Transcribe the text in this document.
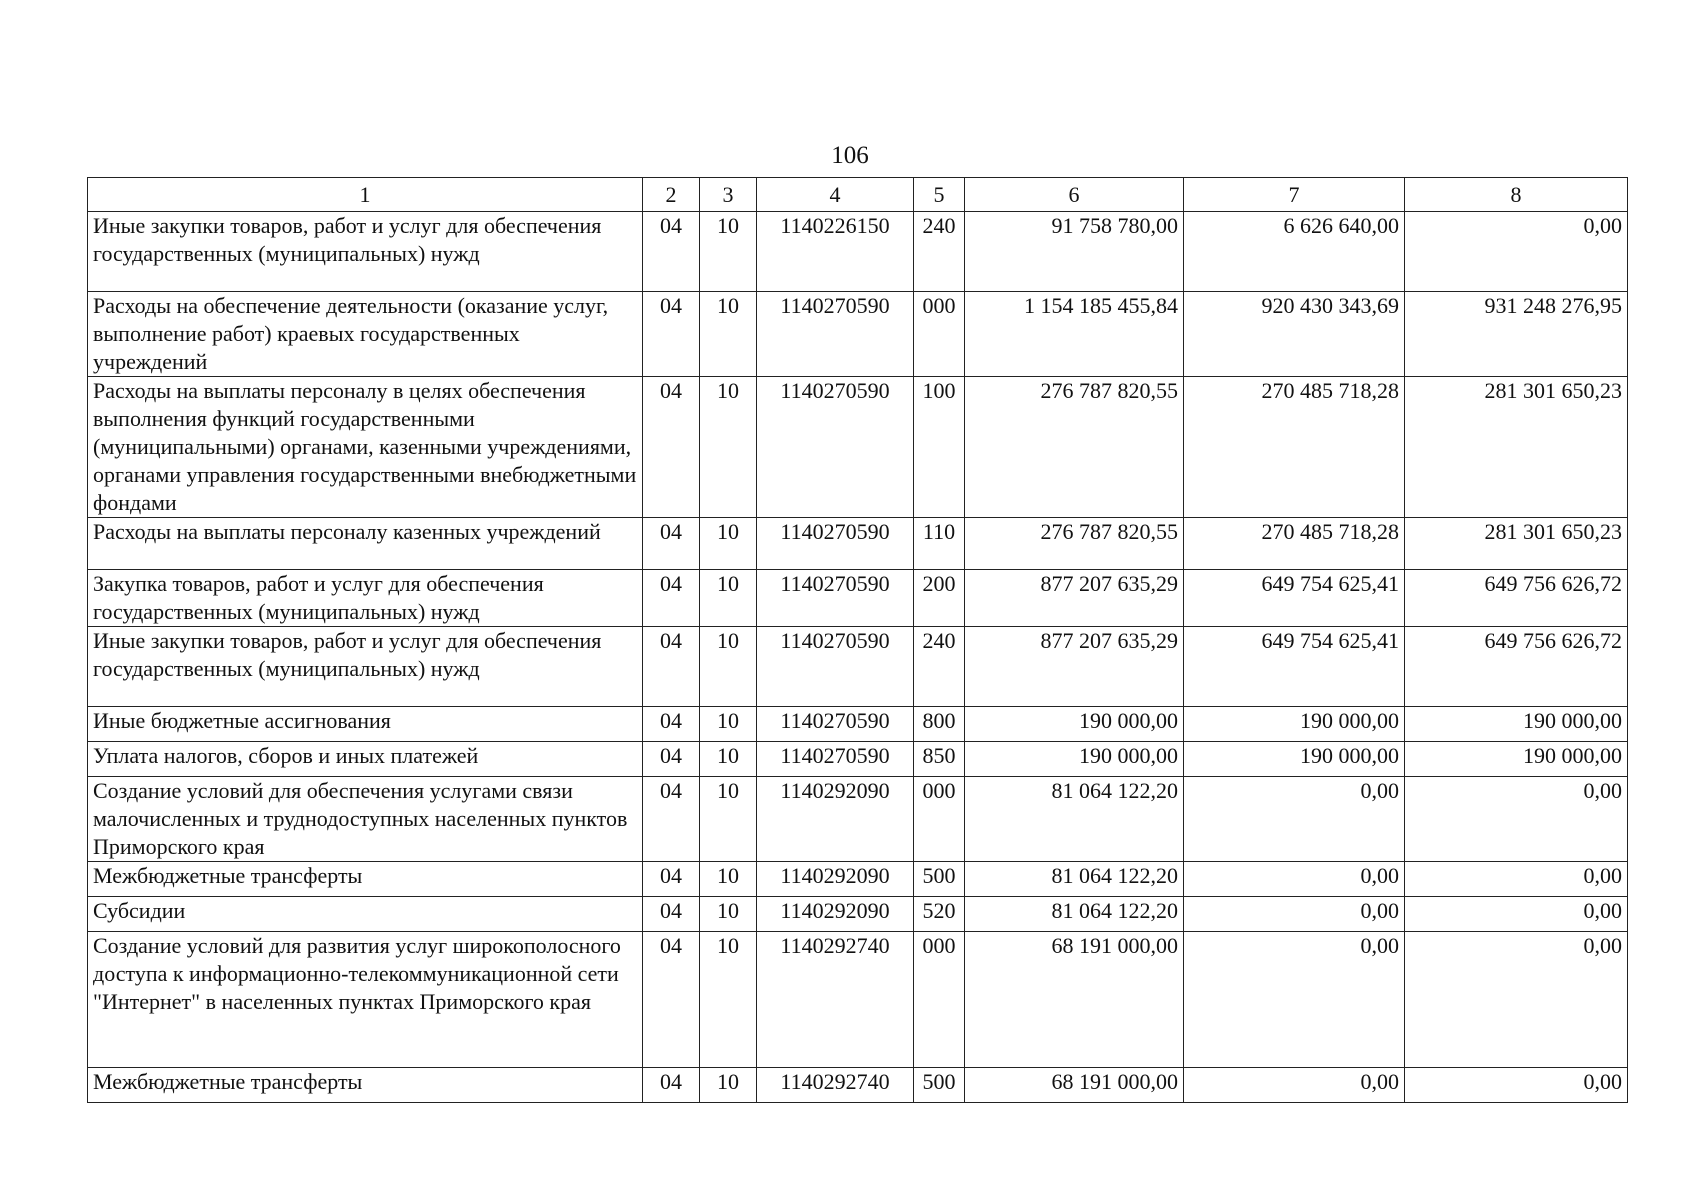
106
1	2	3	4	5	6	7	8
Иные закупки товаров, работ и услуг для обеспечения государственных (муниципальных) нужд	04	10	1140226150	240	91 758 780,00	6 626 640,00	0,00
Расходы на обеспечение деятельности (оказание услуг, выполнение работ) краевых государственных учреждений	04	10	1140270590	000	1 154 185 455,84	920 430 343,69	931 248 276,95
Расходы на выплаты персоналу в целях обеспечения выполнения функций государственными (муниципальными) органами, казенными учреждениями, органами управления государственными внебюджетными фондами	04	10	1140270590	100	276 787 820,55	270 485 718,28	281 301 650,23
Расходы на выплаты персоналу казенных учреждений	04	10	1140270590	110	276 787 820,55	270 485 718,28	281 301 650,23
Закупка товаров, работ и услуг для обеспечения государственных (муниципальных) нужд	04	10	1140270590	200	877 207 635,29	649 754 625,41	649 756 626,72
Иные закупки товаров, работ и услуг для обеспечения государственных (муниципальных) нужд	04	10	1140270590	240	877 207 635,29	649 754 625,41	649 756 626,72
Иные бюджетные ассигнования	04	10	1140270590	800	190 000,00	190 000,00	190 000,00
Уплата налогов, сборов и иных платежей	04	10	1140270590	850	190 000,00	190 000,00	190 000,00
Создание условий для обеспечения услугами связи малочисленных и труднодоступных населенных пунктов Приморского края	04	10	1140292090	000	81 064 122,20	0,00	0,00
Межбюджетные трансферты	04	10	1140292090	500	81 064 122,20	0,00	0,00
Субсидии	04	10	1140292090	520	81 064 122,20	0,00	0,00
Создание условий для развития услуг широкополосного доступа к информационно-телекоммуникационной сети "Интернет" в населенных пунктах Приморского края	04	10	1140292740	000	68 191 000,00	0,00	0,00
Межбюджетные трансферты	04	10	1140292740	500	68 191 000,00	0,00	0,00
